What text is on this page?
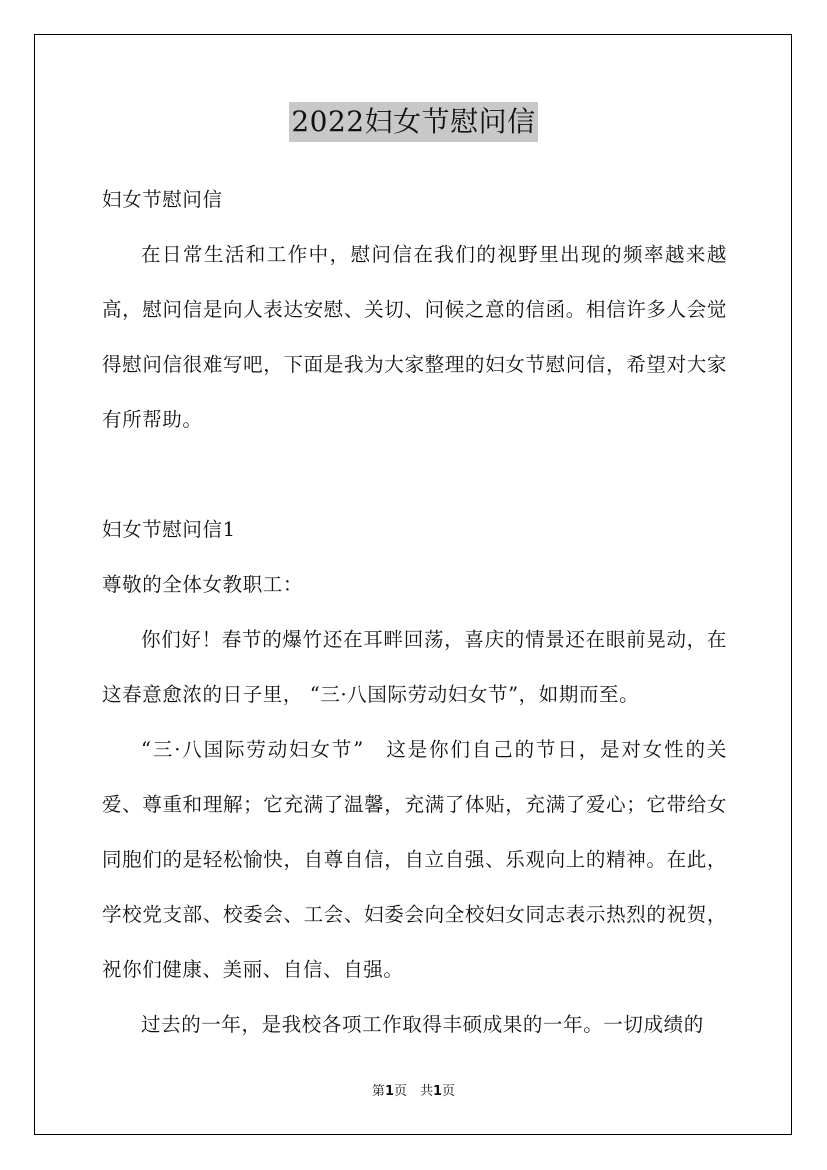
2022妇女节慰问信

妇女节慰问信

在日常生活和工作中，慰问信在我们的视野里出现的频率越来越高，慰问信是向人表达安慰、关切、问候之意的信函。相信许多人会觉得慰问信很难写吧，下面是我为大家整理的妇女节慰问信，希望对大家有所帮助。

妇女节慰问信1

尊敬的全体女教职工：

你们好！春节的爆竹还在耳畔回荡，喜庆的情景还在眼前晃动，在这春意愈浓的日子里， “三·八国际劳动妇女节”，如期而至。

“三·八国际劳动妇女节”　这是你们自己的节日，是对女性的关爱、尊重和理解；它充满了温馨，充满了体贴，充满了爱心；它带给女同胞们的是轻松愉快，自尊自信，自立自强、乐观向上的精神。在此，学校党支部、校委会、工会、妇委会向全校妇女同志表示热烈的祝贺，祝你们健康、美丽、自信、自强。

过去的一年，是我校各项工作取得丰硕成果的一年。一切成绩的

第1页　共1页
